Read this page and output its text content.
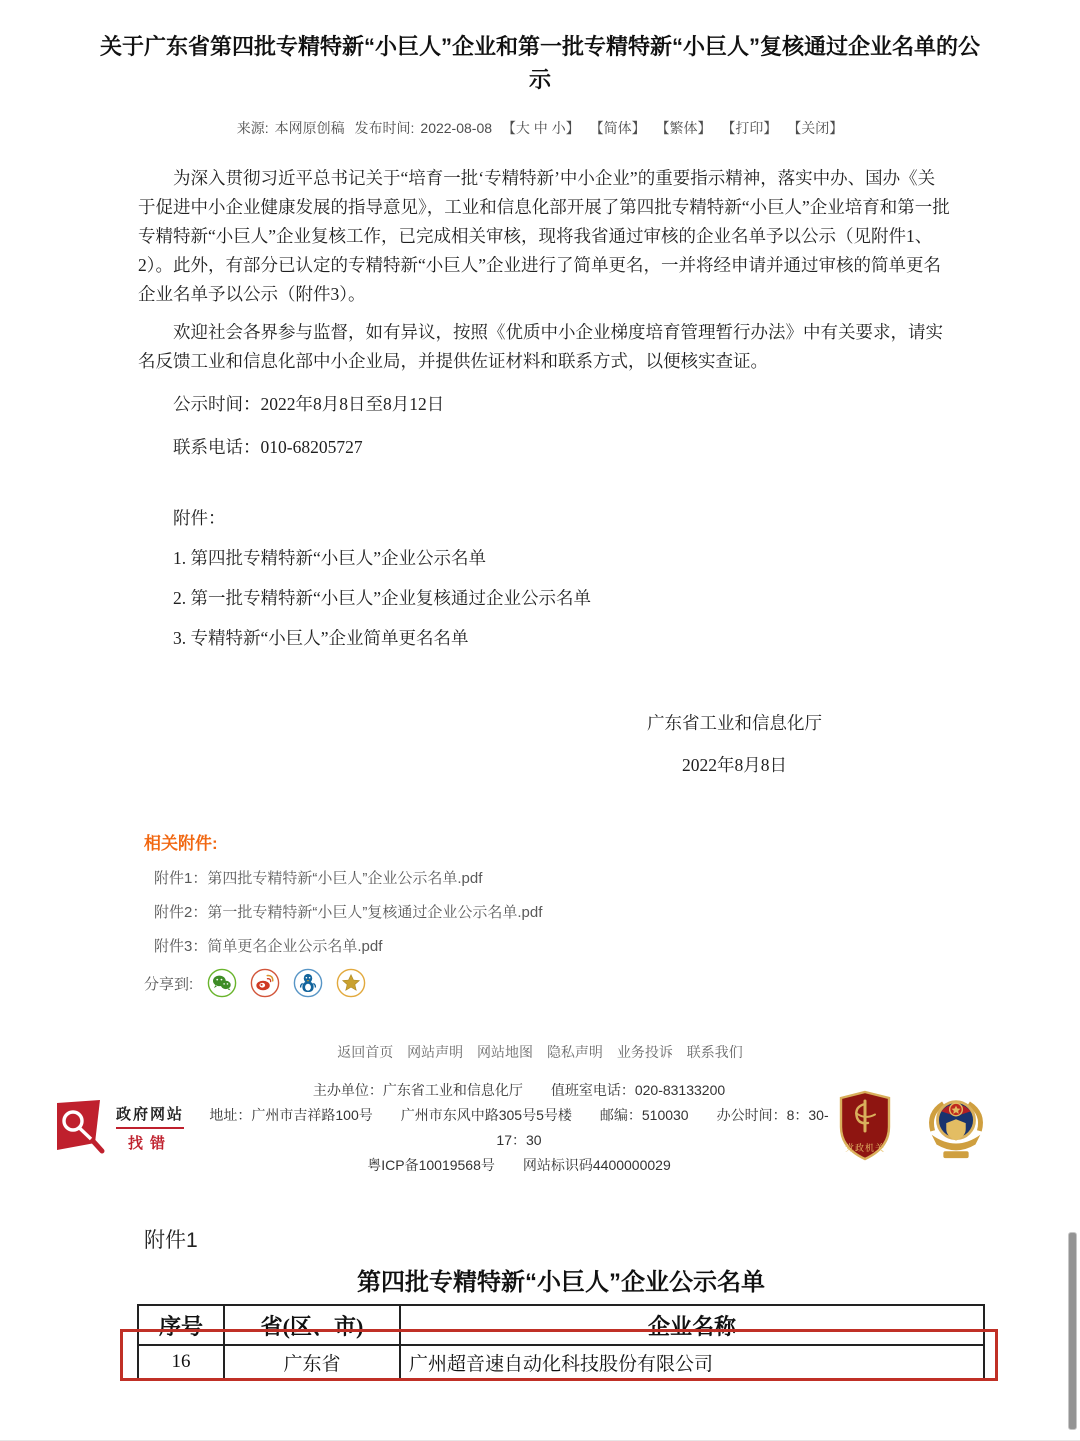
关于广东省第四批专精特新“小巨人”企业和第一批专精特新“小巨人”复核通过企业名单的公示
来源: 本网原创稿 发布时间: 2022-08-08 【大 中 小】 【简体】 【繁体】 【打印】 【关闭】

为深入贯彻习近平总书记关于“培育一批‘专精特新’中小企业”的重要指示精神，落实中办、国办《关于促进中小企业健康发展的指导意见》，工业和信息化部开展了第四批专精特新“小巨人”企业培育和第一批专精特新“小巨人”企业复核工作，已完成相关审核，现将我省通过审核的企业名单予以公示（见附件1、2）。此外，有部分已认定的专精特新“小巨人”企业进行了简单更名，一并将经申请并通过审核的简单更名企业名单予以公示（附件3）。

欢迎社会各界参与监督，如有异议，按照《优质中小企业梯度培育管理暂行办法》中有关要求，请实名反馈工业和信息化部中小企业局，并提供佐证材料和联系方式，以便核实查证。

公示时间：2022年8月8日至8月12日

联系电话：010-68205727

附件：

1. 第四批专精特新“小巨人”企业公示名单

2. 第一批专精特新“小巨人”企业复核通过企业公示名单

3. 专精特新“小巨人”企业简单更名名单

广东省工业和信息化厅
2022年8月8日
相关附件:
附件1：第四批专精特新“小巨人”企业公示名单.pdf
附件2：第一批专精特新“小巨人”复核通过企业公示名单.pdf
附件3：简单更名企业公示名单.pdf
分享到:
返回首页 网站声明 网站地图 隐私声明 业务投诉 联系我们
政府网站
找错
主办单位：广东省工业和信息化厅　　值班室电话：020-83133200
地址：广州市吉祥路100号　　广州市东风中路305号5号楼　　邮编：510030　　办公时间：8：30-17：30
粤ICP备10019568号　　网站标识码4400000029
党政机关
附件1
第四批专精特新“小巨人”企业公示名单
序号	省(区、市)	企业名称
16	广东省	广州超音速自动化科技股份有限公司
